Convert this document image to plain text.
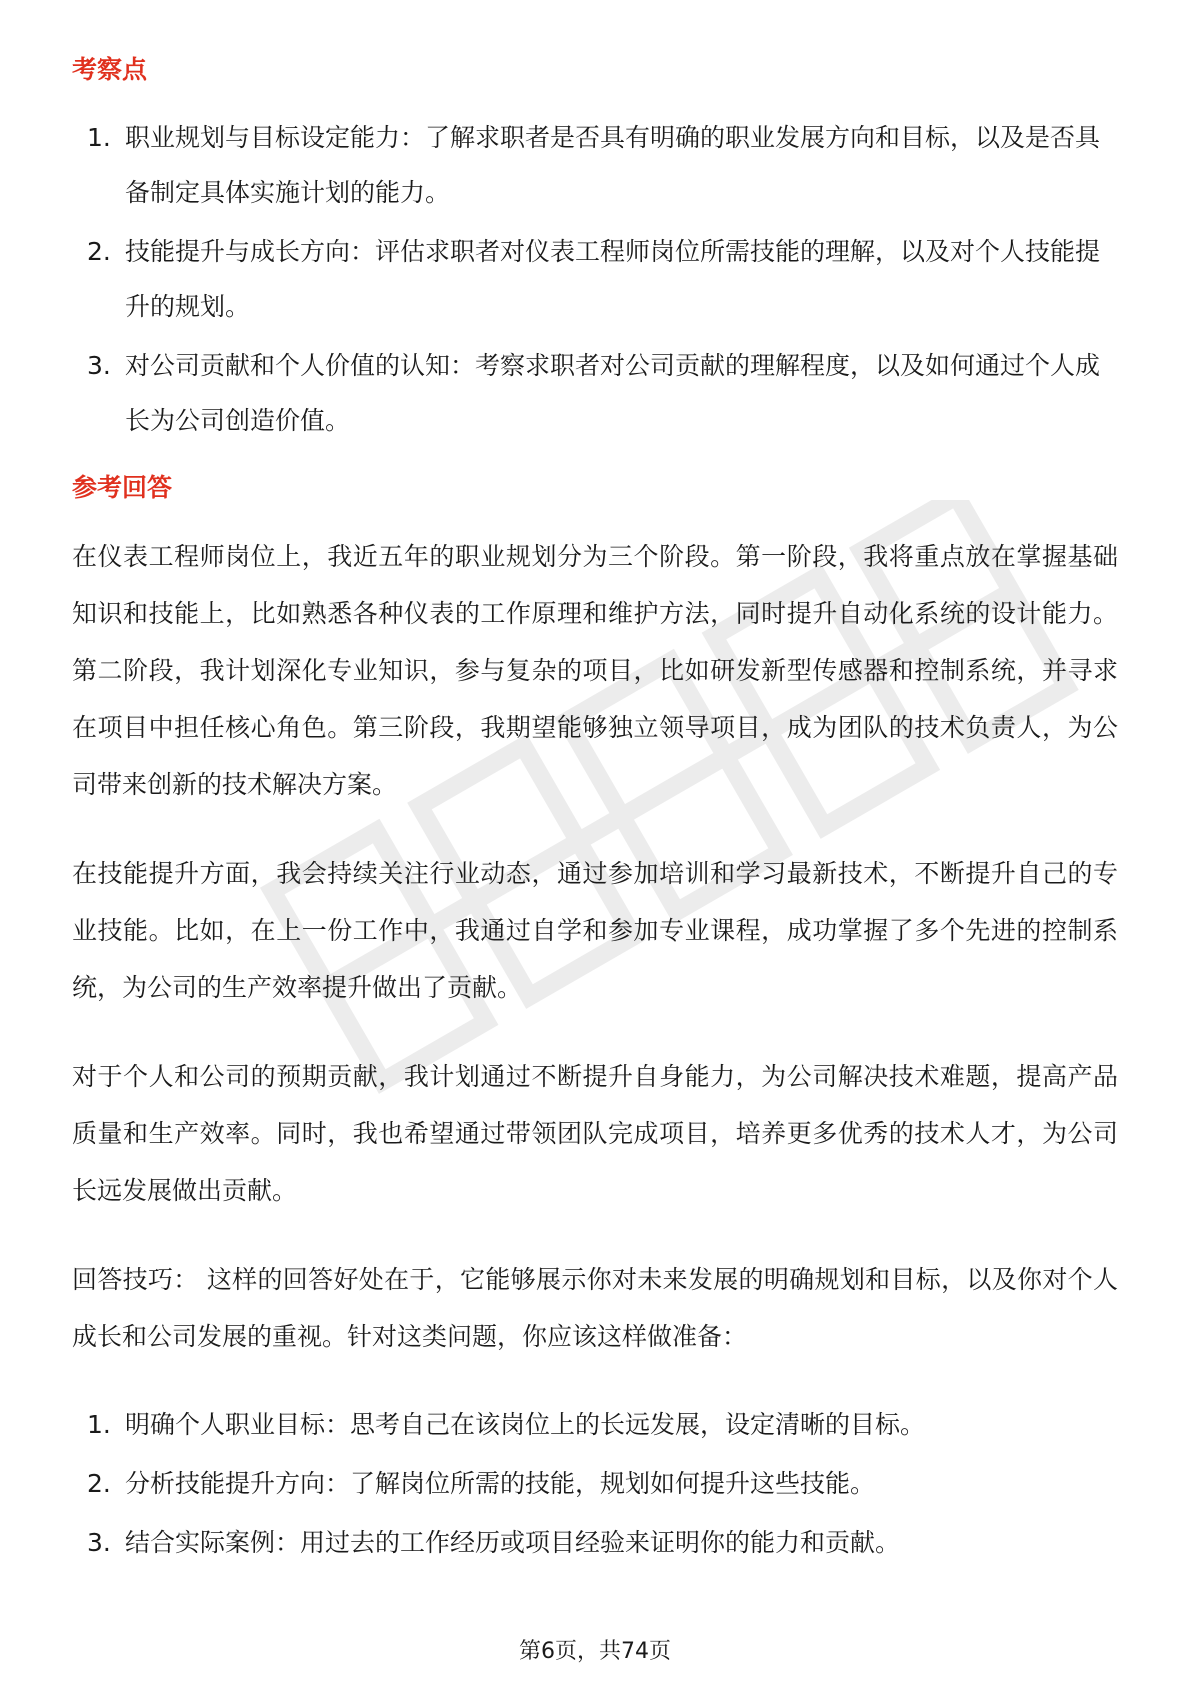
考察点
1. 职业规划与目标设定能力：了解求职者是否具有明确的职业发展方向和目标，以及是否具备制定具体实施计划的能力。
2. 技能提升与成长方向：评估求职者对仪表工程师岗位所需技能的理解，以及对个人技能提升的规划。
3. 对公司贡献和个人价值的认知：考察求职者对公司贡献的理解程度，以及如何通过个人成长为公司创造价值。
参考回答

在仪表工程师岗位上，我近五年的职业规划分为三个阶段。第一阶段，我将重点放在掌握基础知识和技能上，比如熟悉各种仪表的工作原理和维护方法，同时提升自动化系统的设计能力。第二阶段，我计划深化专业知识，参与复杂的项目，比如研发新型传感器和控制系统，并寻求在项目中担任核心角色。第三阶段，我期望能够独立领导项目，成为团队的技术负责人，为公司带来创新的技术解决方案。

在技能提升方面，我会持续关注行业动态，通过参加培训和学习最新技术，不断提升自己的专业技能。比如，在上一份工作中，我通过自学和参加专业课程，成功掌握了多个先进的控制系统，为公司的生产效率提升做出了贡献。

对于个人和公司的预期贡献，我计划通过不断提升自身能力，为公司解决技术难题，提高产品质量和生产效率。同时，我也希望通过带领团队完成项目，培养更多优秀的技术人才，为公司长远发展做出贡献。

回答技巧： 这样的回答好处在于，它能够展示你对未来发展的明确规划和目标，以及你对个人成长和公司发展的重视。针对这类问题，你应该这样做准备：

1. 明确个人职业目标：思考自己在该岗位上的长远发展，设定清晰的目标。
2. 分析技能提升方向：了解岗位所需的技能，规划如何提升这些技能。
3. 结合实际案例：用过去的工作经历或项目经验来证明你的能力和贡献。
第6页，共74页
